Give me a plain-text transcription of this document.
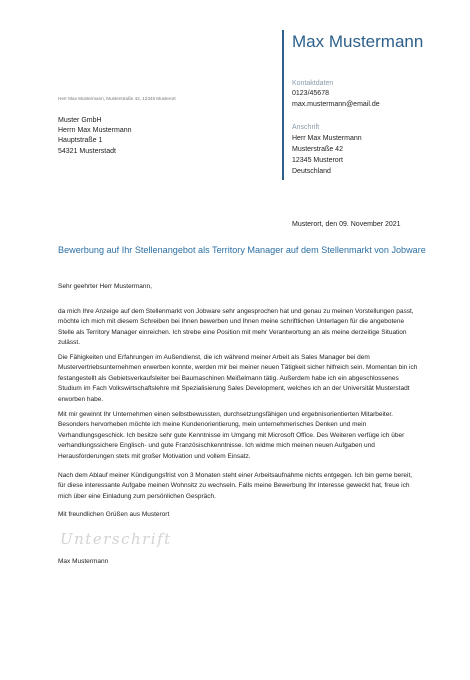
Max Mustermann
Kontaktdaten
0123/45678
max.mustermann@email.de
Anschrift
Herr Max Mustermann
Musterstraße 42
12345 Musterort
Deutschland
Herr Max Mustermann, Musterstraße 42, 12345 Musterort
Muster GmbH
Herrn Max Mustermann
Hauptstraße 1
54321 Musterstadt
Musterort, den 09. November 2021
Bewerbung auf Ihr Stellenangebot als Territory Manager auf dem Stellenmarkt von Jobware
Sehr geehrter Herr Mustermann,
da mich Ihre Anzeige auf dem Stellenmarkt von Jobware sehr angesprochen hat und genau zu meinen Vorstellungen passt, möchte ich mich mit diesem Schreiben bei Ihnen bewerben und Ihnen meine schriftlichen Unterlagen für die angebotene Stelle als Territory Manager einreichen. Ich strebe eine Position mit mehr Verantwortung an als meine derzeitige Situation zulässt.
Die Fähigkeiten und Erfahrungen im Außendienst, die ich während meiner Arbeit als Sales Manager bei dem Mustervertriebsunternehmen erwerben konnte, werden mir bei meiner neuen Tätigkeit sicher hilfreich sein. Momentan bin ich festangestellt als Gebietsverkaufsleiter bei Baumaschinen Meißelmann tätig. Außerdem habe ich ein abgeschlossenes Studium im Fach Volkswirtschaftslehre mit Spezialisierung Sales Development, welches ich an der Universität Musterstadt erworben habe.
Mit mir gewinnt Ihr Unternehmen einen selbstbewussten, durchsetzungsfähigen und ergebnisorientierten Mitarbeiter. Besonders hervorheben möchte ich meine Kundenorientierung, mein unternehmerisches Denken und mein Verhandlungsgeschick. Ich besitze sehr gute Kenntnisse im Umgang mit Microsoft Office. Des Weiteren verfüge ich über verhandlungssichere Englisch- und gute Französischkenntnisse. Ich widme mich meinen neuen Aufgaben und Herausforderungen stets mit großer Motivation und vollem Einsatz.
Nach dem Ablauf meiner Kündigungsfrist von 3 Monaten steht einer Arbeitsaufnahme nichts entgegen. Ich bin gerne bereit, für diese interessante Aufgabe meinen Wohnsitz zu wechseln. Falls meine Bewerbung Ihr Interesse geweckt hat, freue ich mich über eine Einladung zum persönlichen Gespräch.
Mit freundlichen Grüßen aus Musterort
Unterschrift
Max Mustermann
